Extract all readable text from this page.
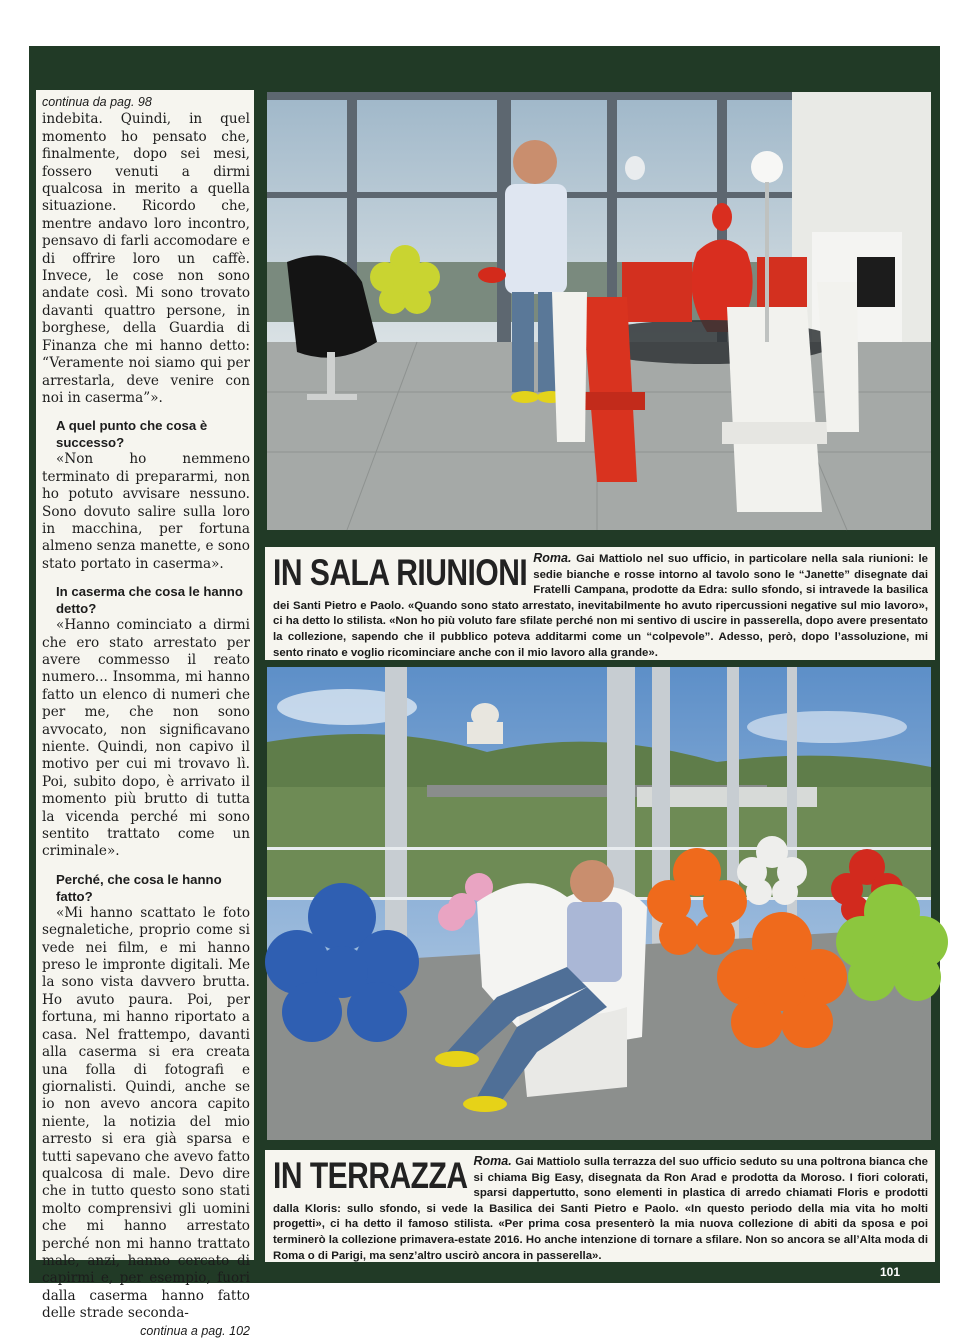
continua da pag. 98

indebita. Quindi, in quel momento ho pensato che, finalmente, dopo sei mesi, fossero venuti a dirmi qualcosa in merito a quella situazione. Ricordo che, mentre andavo loro incontro, pensavo di farli accomodare e di offrire loro un caffè. Invece, le cose non sono andate così. Mi sono trovato davanti quattro persone, in borghese, della Guardia di Finanza che mi hanno detto: “Veramente noi siamo qui per arrestarla, deve venire con noi in caserma”».

A quel punto che cosa è successo?

«Non ho nemmeno terminato di prepararmi, non ho potuto avvisare nessuno. Sono dovuto salire sulla loro in macchina, per fortuna almeno senza manette, e sono stato portato in caserma».

In caserma che cosa le hanno detto?

«Hanno cominciato a dirmi che ero stato arrestato per avere commesso il reato numero... Insomma, mi hanno fatto un elenco di numeri che per me, che non sono avvocato, non significavano niente. Quindi, non capivo il motivo per cui mi trovavo lì. Poi, subito dopo, è arrivato il momento più brutto di tutta la vicenda perché mi sono sentito trattato come un criminale».

Perché, che cosa le hanno fatto?

«Mi hanno scattato le foto segnaletiche, proprio come si vede nei film, e mi hanno preso le impronte digitali. Me la sono vista davvero brutta. Ho avuto paura. Poi, per fortuna, mi hanno riportato a casa. Nel frattempo, davanti alla caserma si era creata una folla di fotografi e giornalisti. Quindi, anche se io non avevo ancora capito niente, la notizia del mio arresto si era già sparsa e tutti sapevano che avevo fatto qualcosa di male. Devo dire che in tutto questo sono stati molto comprensivi gli uomini che mi hanno arrestato perché non mi hanno trattato male, anzi, hanno cercato di capirmi e, per esempio, fuori dalla caserma hanno fatto delle strade seconda-

continua a pag. 102

IN SALA RIUNIONI Roma. Gai Mattiolo nel suo ufficio, in particolare nella sala riunioni: le sedie bianche e rosse intorno al tavolo sono le “Janette” disegnate dai Fratelli Campana, prodotte da Edra: sullo sfondo, si intravede la basilica dei Santi Pietro e Paolo. «Quando sono stato arrestato, inevitabilmente ho avuto ripercussioni negative sul mio lavoro», ci ha detto lo stilista. «Non ho più voluto fare sfilate perché non mi sentivo di uscire in passerella, dopo avere presentato la collezione, sapendo che il pubblico poteva additarmi come un “colpevole”. Adesso, però, dopo l’assoluzione, mi sento rinato e voglio ricominciare anche con il mio lavoro alla grande».
IN TERRAZZA Roma. Gai Mattiolo sulla terrazza del suo ufficio seduto su una poltrona bianca che si chiama Big Easy, disegnata da Ron Arad e prodotta da Moroso. I fiori colorati, sparsi dappertutto, sono elementi in plastica di arredo chiamati Floris e prodotti dalla Kloris: sullo sfondo, si vede la Basilica dei Santi Pietro e Paolo. «In questo periodo della mia vita ho molti progetti», ci ha detto il famoso stilista. «Per prima cosa presenterò la mia nuova collezione di abiti da sposa e poi terminerò la collezione primavera-estate 2016. Ho anche intenzione di tornare a sfilare. Non so ancora se all’Alta moda di Roma o di Parigi, ma senz’altro uscirò ancora in passerella».
101
